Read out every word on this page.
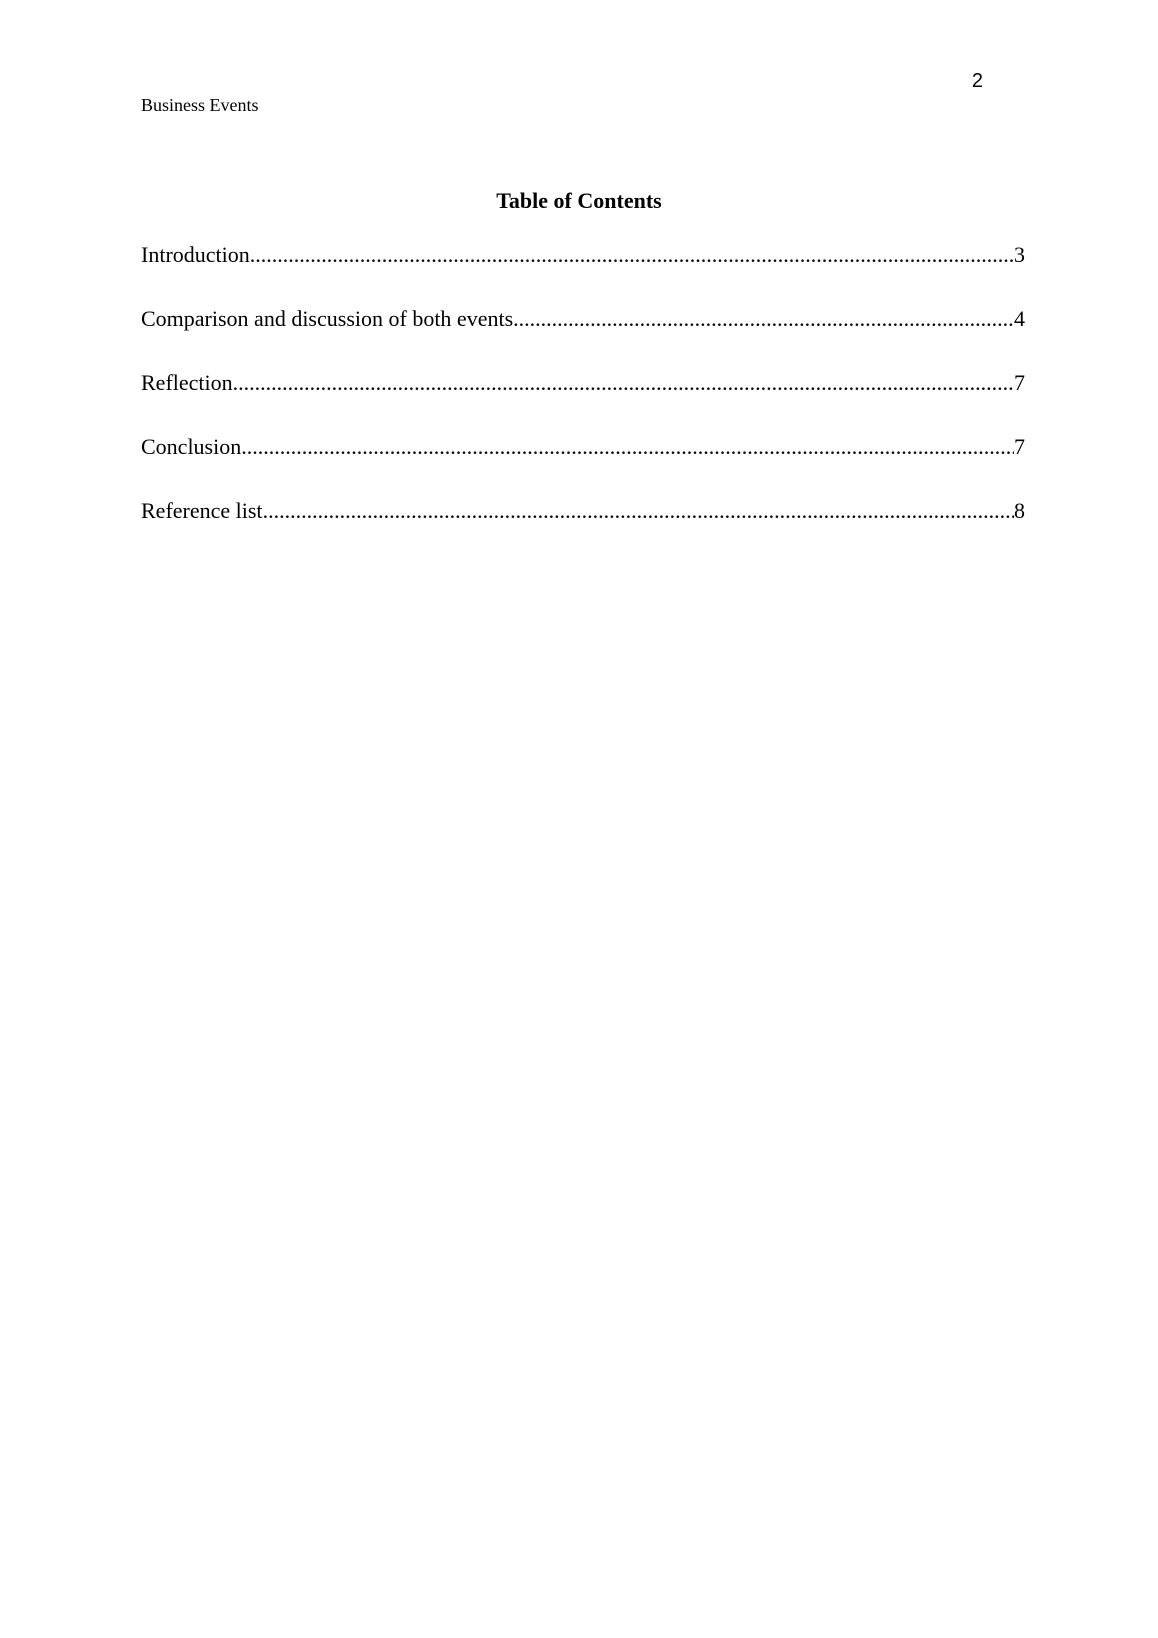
2
Business Events
Table of Contents
Introduction .....	3
Comparison and discussion of both events .....	4
Reflection .....	7
Conclusion .....	7
Reference list .....	8
